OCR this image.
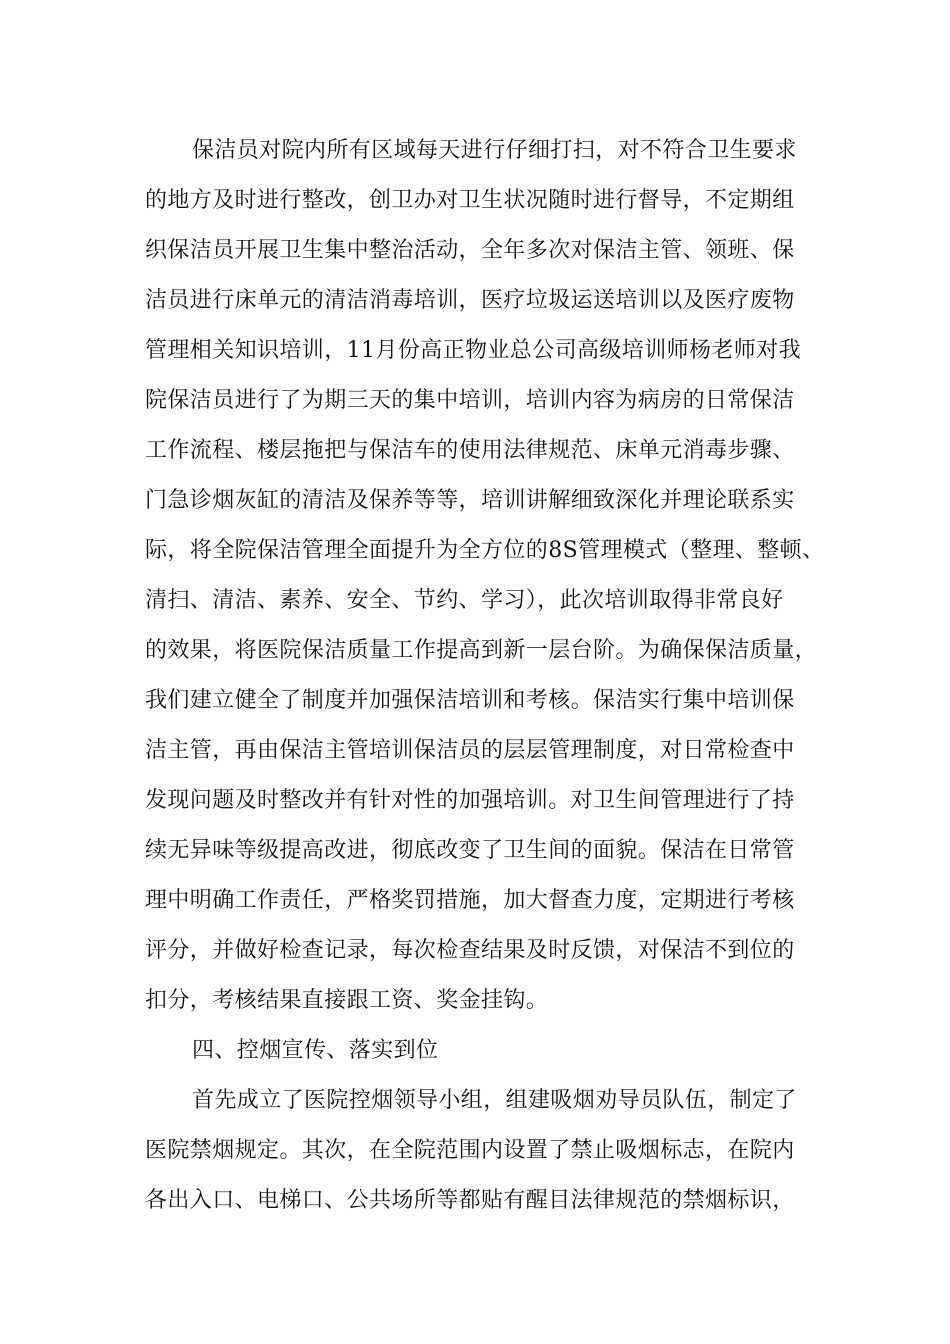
保洁员对院内所有区域每天进行仔细打扫，对不符合卫生要求
的地方及时进行整改，创卫办对卫生状况随时进行督导，不定期组
织保洁员开展卫生集中整治活动，全年多次对保洁主管、领班、保
洁员进行床单元的清洁消毒培训，医疗垃圾运送培训以及医疗废物
管理相关知识培训，11月份高正物业总公司高级培训师杨老师对我
院保洁员进行了为期三天的集中培训，培训内容为病房的日常保洁
工作流程、楼层拖把与保洁车的使用法律规范、床单元消毒步骤、
门急诊烟灰缸的清洁及保养等等，培训讲解细致深化并理论联系实
际，将全院保洁管理全面提升为全方位的8S管理模式（整理、整顿、
清扫、清洁、素养、安全、节约、学习），此次培训取得非常良好
的效果，将医院保洁质量工作提高到新一层台阶。为确保保洁质量，
我们建立健全了制度并加强保洁培训和考核。保洁实行集中培训保
洁主管，再由保洁主管培训保洁员的层层管理制度，对日常检查中
发现问题及时整改并有针对性的加强培训。对卫生间管理进行了持
续无异味等级提高改进，彻底改变了卫生间的面貌。保洁在日常管
理中明确工作责任，严格奖罚措施，加大督查力度，定期进行考核
评分，并做好检查记录，每次检查结果及时反馈，对保洁不到位的
扣分，考核结果直接跟工资、奖金挂钩。
四、控烟宣传、落实到位
首先成立了医院控烟领导小组，组建吸烟劝导员队伍，制定了
医院禁烟规定。其次，在全院范围内设置了禁止吸烟标志，在院内
各出入口、电梯口、公共场所等都贴有醒目法律规范的禁烟标识，
